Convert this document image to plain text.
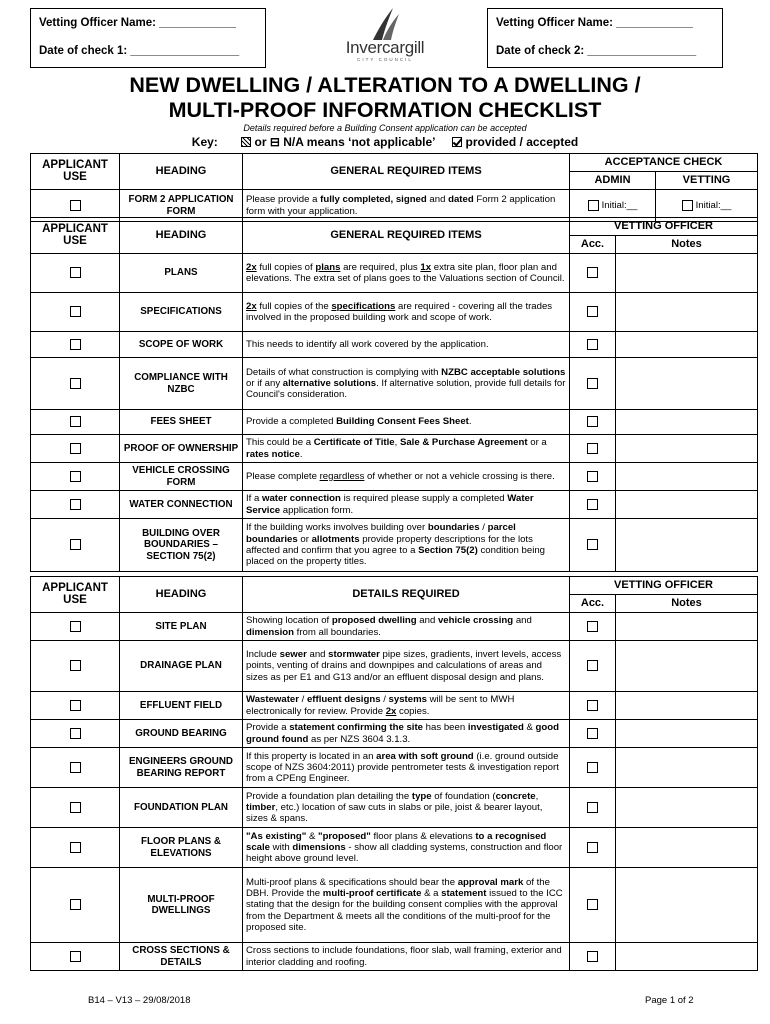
Vetting Officer Name: ____________
Date of check 1: _________________	Invercargill
CITY COUNCIL
Vetting Officer Name: ____________
Date of check 2: _________________
NEW DWELLING / ALTERATION TO A DWELLING /
MULTI-PROOF INFORMATION CHECKLIST
Details required before a Building Consent application can be accepted
Key:	or ⊟ N/A means ‘not applicable’	provided / accepted
APPLICANT USE	HEADING	GENERAL REQUIRED ITEMS	ACCEPTANCE CHECK	
			ADMIN	VETTING
	FORM 2 APPLICATION FORM	Please provide a fully completed, signed and dated Form 2 application form with your application.	Initial:__	Initial:__
APPLICANT USE	HEADING	GENERAL REQUIRED ITEMS	VETTING OFFICER	
			Acc.	Notes
	PLANS	2x full copies of plans are required, plus 1x extra site plan, floor plan and elevations. The extra set of plans goes to the Valuations section of Council.		
	SPECIFICATIONS	2x full copies of the specifications are required - covering all the trades involved in the proposed building work and scope of work.		
	SCOPE OF WORK	This needs to identify all work covered by the application.		
	COMPLIANCE WITH NZBC	Details of what construction is complying with NZBC acceptable solutions or if any alternative solutions. If alternative solution, provide full details for Council's consideration.		
	FEES SHEET	Provide a completed Building Consent Fees Sheet.		
	PROOF OF OWNERSHIP	This could be a Certificate of Title, Sale & Purchase Agreement or a rates notice.		
	VEHICLE CROSSING FORM	Please complete regardless of whether or not a vehicle crossing is there.		
	WATER CONNECTION	If a water connection is required please supply a completed Water Service application form.		
	BUILDING OVER BOUNDARIES – SECTION 75(2)	If the building works involves building over boundaries / parcel boundaries or allotments provide property descriptions for the lots affected and confirm that you agree to a Section 75(2) condition being placed on the property titles.		
APPLICANT USE	HEADING	DETAILS REQUIRED	VETTING OFFICER	
			Acc.	Notes
	SITE PLAN	Showing location of proposed dwelling and vehicle crossing and dimension from all boundaries.		
	DRAINAGE PLAN	Include sewer and stormwater pipe sizes, gradients, invert levels, access points, venting of drains and downpipes and calculations of areas and sizes as per E1 and G13 and/or an effluent disposal design and plans.		
	EFFLUENT FIELD	Wastewater / effluent designs / systems will be sent to MWH electronically for review. Provide 2x copies.		
	GROUND BEARING	Provide a statement confirming the site has been investigated & good ground found as per NZS 3604 3.1.3.		
	ENGINEERS GROUND BEARING REPORT	If this property is located in an area with soft ground (i.e. ground outside scope of NZS 3604:2011) provide pentrometer tests & investigation report from a CPEng Engineer.		
	FOUNDATION PLAN	Provide a foundation plan detailing the type of foundation (concrete, timber, etc.) location of saw cuts in slabs or pile, joist & bearer layout, sizes & spans.		
	FLOOR PLANS & ELEVATIONS	"As existing" & "proposed" floor plans & elevations to a recognised scale with dimensions - show all cladding systems, construction and floor height above ground level.		
	MULTI-PROOF DWELLINGS	Multi-proof plans & specifications should bear the approval mark of the DBH. Provide the multi-proof certificate & a statement issued to the ICC stating that the design for the building consent complies with the approval from the Department & meets all the conditions of the multi-proof for the proposed site.		
	CROSS SECTIONS & DETAILS	Cross sections to include foundations, floor slab, wall framing, exterior and interior cladding and roofing.		
B14 – V13 – 29/08/2018	Page 1 of 2
